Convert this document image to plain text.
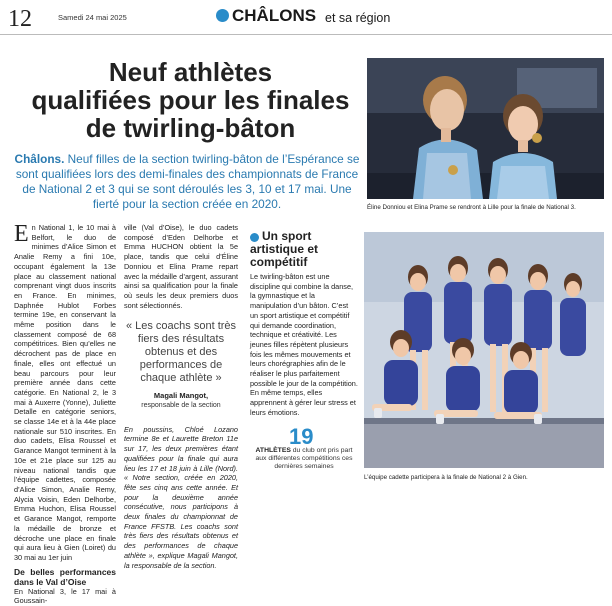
12	Samedi 24 mai 2025	CHÂLONS et sa région
Neuf athlètes
qualifiées pour les finales
de twirling-bâton
Châlons. Neuf filles de la section twirling-bâton de l’Espérance se sont qualifiées lors des demi-finales des championnats de France de National 2 et 3 qui se sont déroulés les 3, 10 et 17 mai. Une fierté pour la section créée en 2020.	Éline Donniou et Elina Prame se rendront à Lille pour la finale de National 3.
E n National 1, le 10 mai à Belfort, le duo de minimes d’Alice Simon et Analie Remy a fini 10e, occupant également la 13e place au classement national comprenant vingt duos inscrits en France. En minimes, Daphnée Hublot Forbes termine 19e, en conservant la même position dans le classement composé de 68 compétitrices. Bien qu’elles ne décrochent pas de place en finale, elles ont effectué un beau parcours pour leur première année dans cette catégorie. En National 2, le 3 mai à Auxerre (Yonne), Juliette Detalle en catégorie seniors, se classe 14e et à la 44e place nationale sur 510 inscrites. En duo cadets, Elisa Roussel et Garance Mangot terminent à la 10e et 21e place sur 125 au niveau national tandis que l’équipe cadettes, composée d’Alice Simon, Analie Remy, Alycia Voisin, Eden Delhorbe, Emma Huchon, Elisa Roussel et Garance Mangot, remporte la médaille de bronze et décroche une place en finale qui aura lieu à Gien (Loiret) du 30 mai au 1er juin

De belles performances dans le Val d’Oise

En National 3, le 17 mai à Goussain-

ville (Val d’Oise), le duo cadets composé d’Eden Delhorbe et Emma HUCHON obtient la 5e place, tandis que celui d’Éline Donniou et Elina Prame repart avec la médaille d’argent, assurant ainsi sa qualification pour la finale où seuls les deux premiers duos sont sélectionnés.

« Les coachs sont très fiers des résultats obtenus et des performances de chaque athlète »
Magali Mangot,
responsable de la section

En poussins, Chloé Lozano termine 8e et Laurette Breton 11e sur 17, les deux premières étant qualifiées pour la finale qui aura lieu les 17 et 18 juin à Lille (Nord). « Notre section, créée en 2020, fête ses cinq ans cette année. Et pour la deuxième année consécutive, nous participons à deux finales du championnat de France FFSTB. Les coachs sont très fiers des résultats obtenus et des performances de chaque athlète », explique Magali Mangot, la responsable de la section.

Un sport artistique et compétitif
Le twirling-bâton est une discipline qui combine la danse, la gymnastique et la manipulation d’un bâton. C’est un sport artistique et compétitif qui demande coordination, technique et créativité. Les jeunes filles répètent plusieurs fois les mêmes mouvements et leurs chorégraphies afin de le réaliser le plus parfaitement possible le jour de la compétition. En même temps, elles apprennent à gérer leur stress et leurs émotions.
19
ATHLÈTES du club ont pris part aux différentes compétitions ces dernières semaines
L’équipe cadette participera à la finale de National 2 à Gien.
